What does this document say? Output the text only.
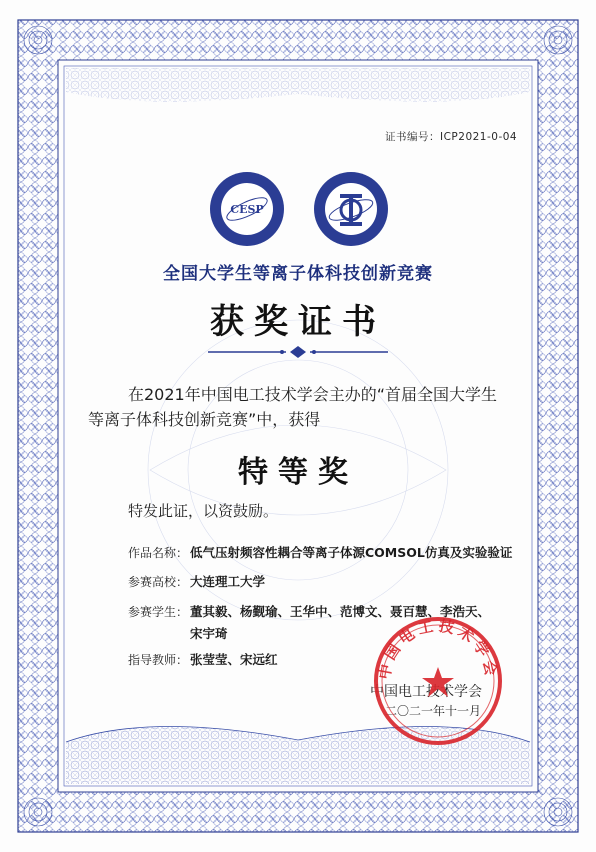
证书编号：ICP2021-0-04
CESP
全国大学生等离子体科技创新竞赛
获奖证书
在2021年中国电工技术学会主办的“首届全国大学生
等离子体科技创新竞赛”中，获得
特等奖
特发此证，以资鼓励。
作品名称： 低气压射频容性耦合等离子体源COMSOL仿真及实验验证
参赛高校： 大连理工大学
参赛学生： 董其毅、杨觐瑜、王华中、范博文、聂百慧、李浩天、
宋宇琦
指导教师： 张莹莹、宋远红
中国电工技术学会
二〇二一年十一月
中国电工技术学会
